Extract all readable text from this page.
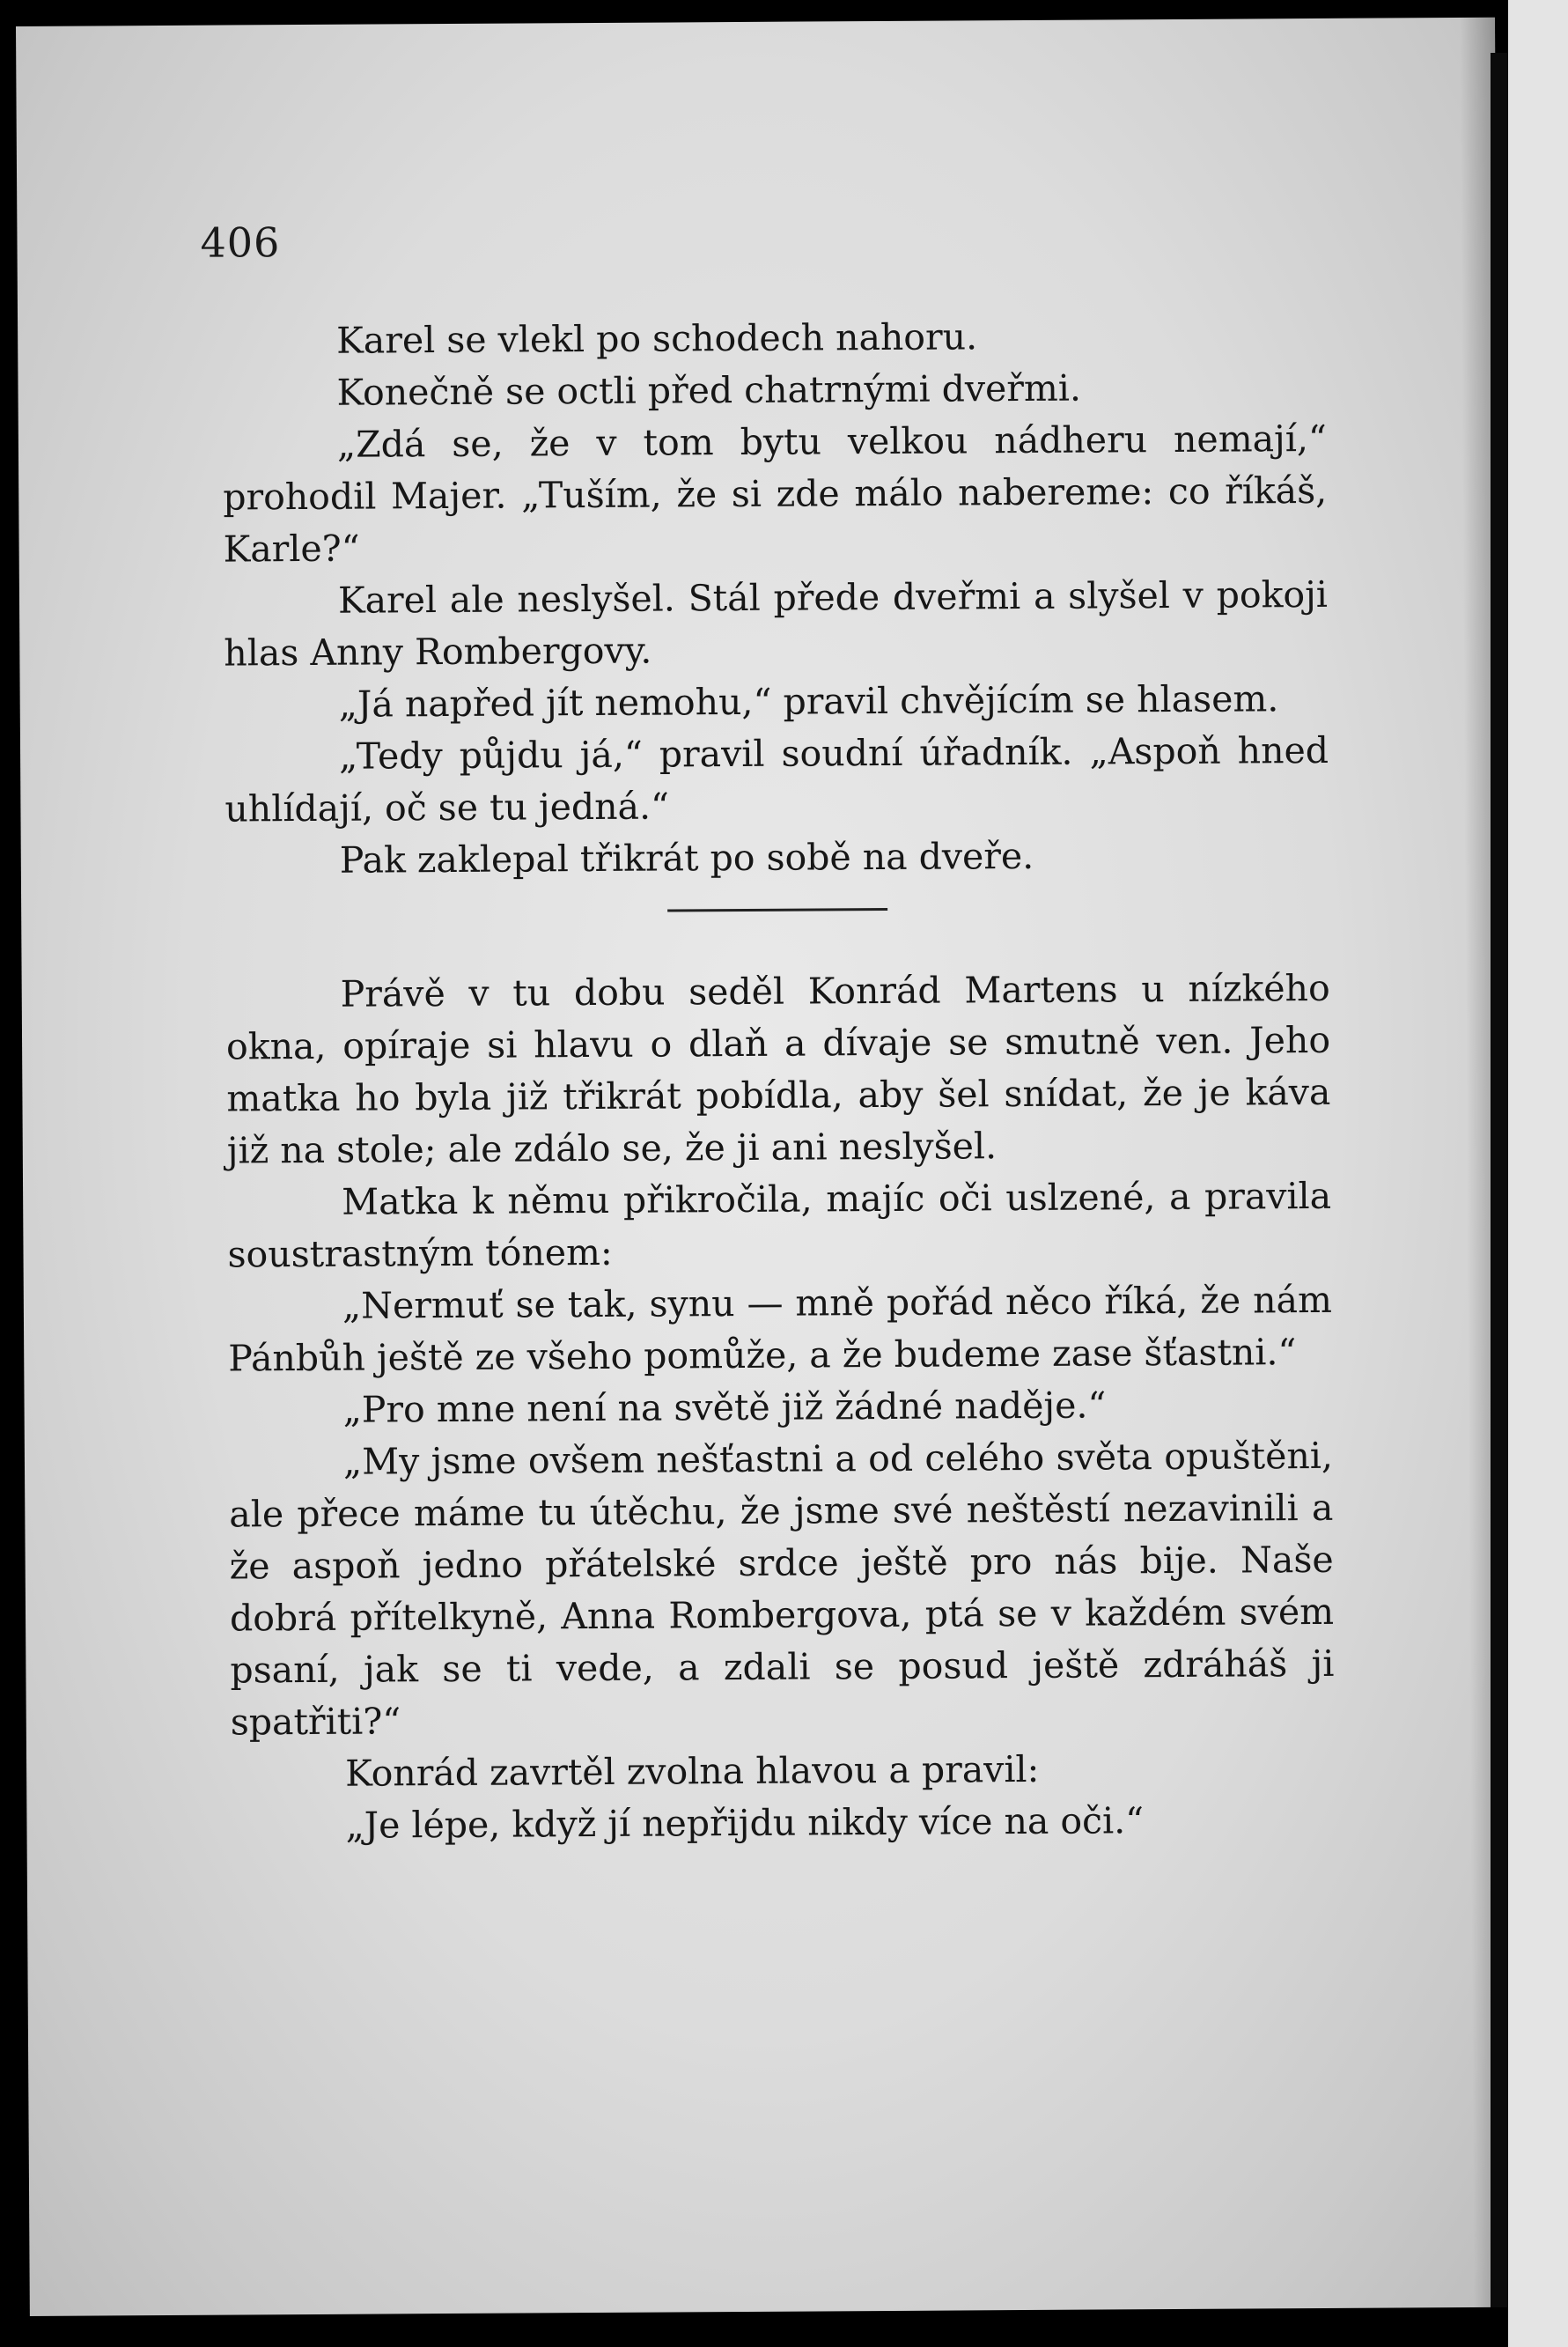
406

Karel se vlekl po schodech nahoru.

Konečně se octli před chatrnými dveřmi.

„Zdá se, že v tom bytu velkou nádheru nemají,“ prohodil Majer. „Tuším, že si zde málo nabereme: co říkáš, Karle?“

Karel ale neslyšel. Stál přede dveřmi a slyšel v pokoji hlas Anny Rombergovy.

„Já napřed jít nemohu,“ pravil chvějícím se hlasem.

„Tedy půjdu já,“ pravil soudní úřadník. „Aspoň hned uhlídají, oč se tu jedná.“

Pak zaklepal třikrát po sobě na dveře.

Právě v tu dobu seděl Konrád Martens u nízkého okna, opíraje si hlavu o dlaň a dívaje se smutně ven. Jeho matka ho byla již třikrát pobídla, aby šel snídat, že je káva již na stole; ale zdálo se, že ji ani neslyšel.

Matka k němu přikročila, majíc oči uslzené, a pravila soustrastným tónem:

„Nermuť se tak, synu — mně pořád něco říká, že nám Pánbůh ještě ze všeho pomůže, a že budeme zase šťastni.“

„Pro mne není na světě již žádné naděje.“

„My jsme ovšem nešťastni a od celého světa opuštěni, ale přece máme tu útěchu, že jsme své neštěstí nezavinili a že aspoň jedno přátelské srdce ještě pro nás bije. Naše dobrá přítelkyně, Anna Rombergova, ptá se v každém svém psaní, jak se ti vede, a zdali se posud ještě zdráháš ji spatřiti?“

Konrád zavrtěl zvolna hlavou a pravil:

„Je lépe, když jí nepřijdu nikdy více na oči.“
